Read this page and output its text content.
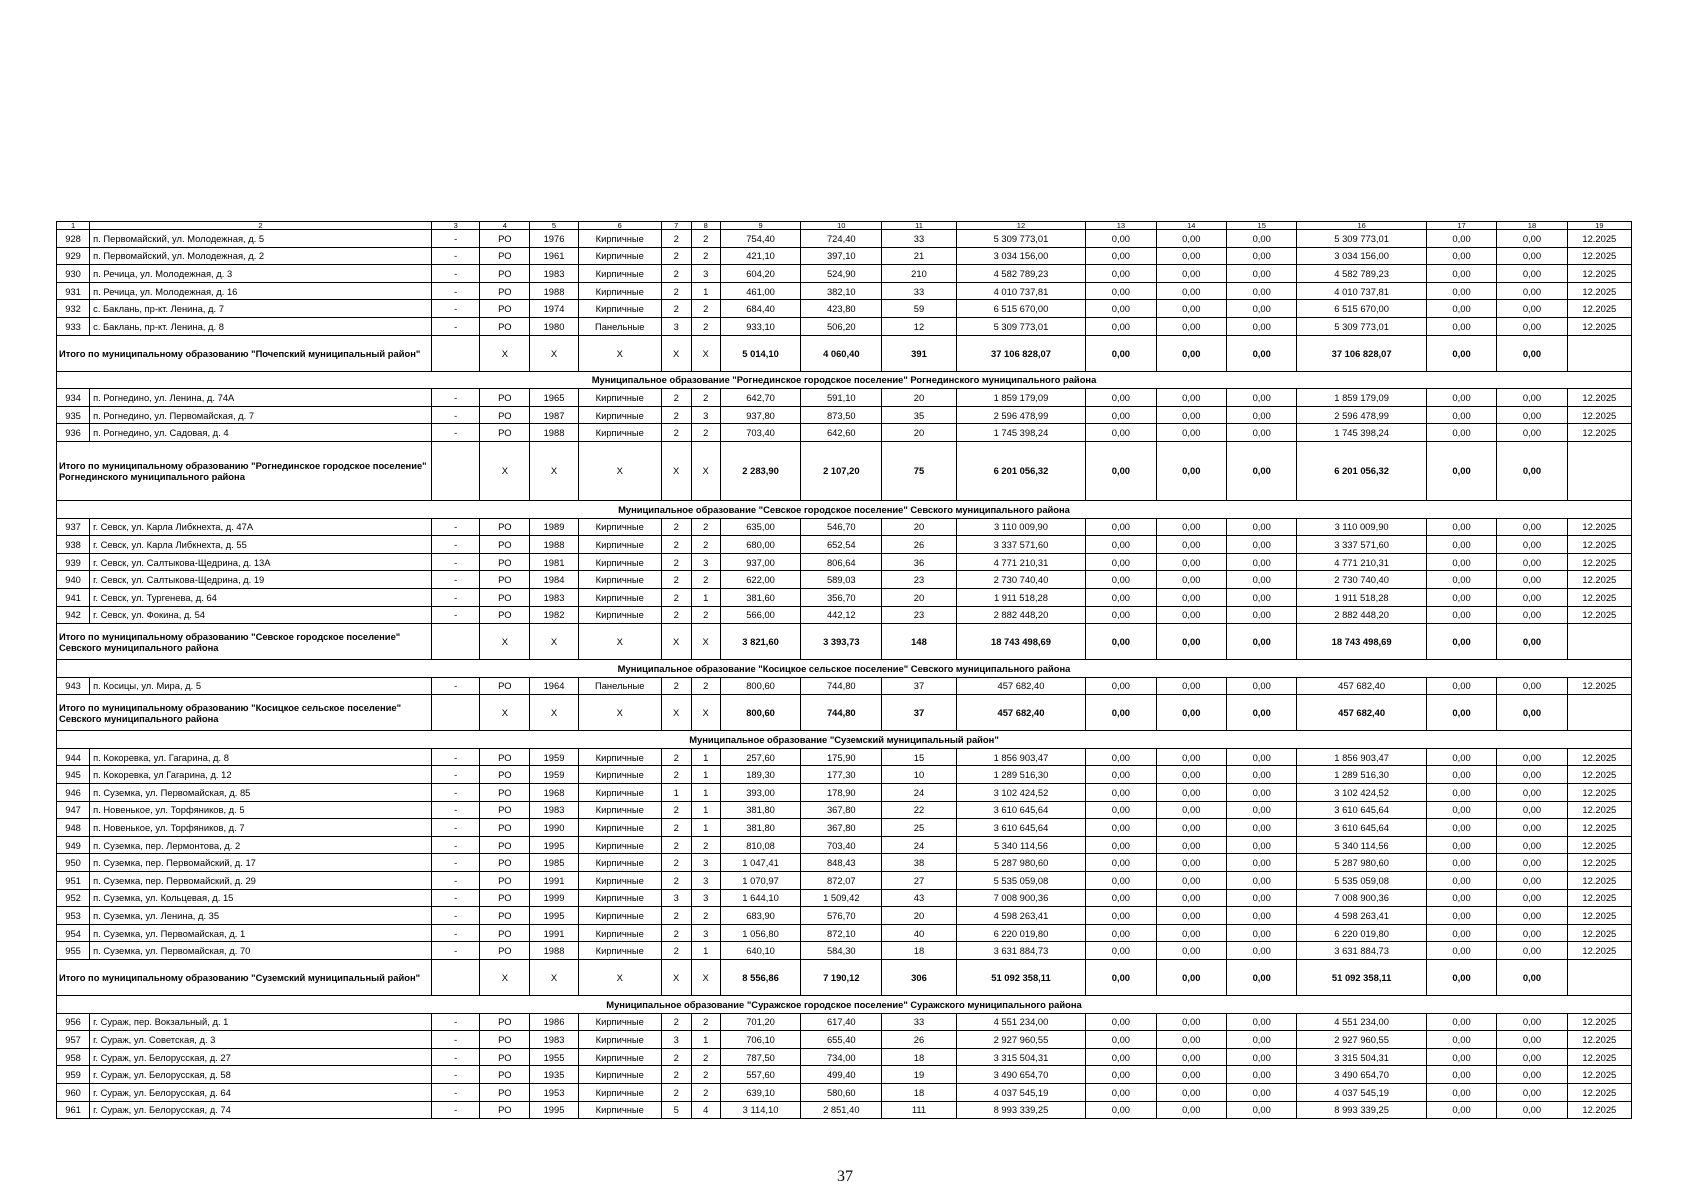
1	2	3	4	5	6	7	8	9	10	11	12	13	14	15	16	17	18	19
928	п. Первомайский, ул. Молодежная, д. 5	-	РО	1976	Кирпичные	2	2	754,40	724,40	33	5 309 773,01	0,00	0,00	0,00	5 309 773,01	0,00	0,00	12.2025
929	п. Первомайский, ул. Молодежная, д. 2	-	РО	1961	Кирпичные	2	2	421,10	397,10	21	3 034 156,00	0,00	0,00	0,00	3 034 156,00	0,00	0,00	12.2025
930	п. Речица, ул. Молодежная, д. 3	-	РО	1983	Кирпичные	2	3	604,20	524,90	210	4 582 789,23	0,00	0,00	0,00	4 582 789,23	0,00	0,00	12.2025
931	п. Речица, ул. Молодежная, д. 16	-	РО	1988	Кирпичные	2	1	461,00	382,10	33	4 010 737,81	0,00	0,00	0,00	4 010 737,81	0,00	0,00	12.2025
932	с. Баклань, пр-кт. Ленина, д. 7	-	РО	1974	Кирпичные	2	2	684,40	423,80	59	6 515 670,00	0,00	0,00	0,00	6 515 670,00	0,00	0,00	12.2025
933	с. Баклань, пр-кт. Ленина, д. 8	-	РО	1980	Панельные	3	2	933,10	506,20	12	5 309 773,01	0,00	0,00	0,00	5 309 773,01	0,00	0,00	12.2025
Итого по муниципальному образованию "Почепский муниципальный район"			X	X	X	X	X	5 014,10	4 060,40	391	37 106 828,07	0,00	0,00	0,00	37 106 828,07	0,00	0,00	
Муниципальное образование "Рогнединское городское поселение" Рогнединского муниципального района																		
934	п. Рогнедино, ул. Ленина, д. 74А	-	РО	1965	Кирпичные	2	2	642,70	591,10	20	1 859 179,09	0,00	0,00	0,00	1 859 179,09	0,00	0,00	12.2025
935	п. Рогнедино, ул. Первомайская, д. 7	-	РО	1987	Кирпичные	2	3	937,80	873,50	35	2 596 478,99	0,00	0,00	0,00	2 596 478,99	0,00	0,00	12.2025
936	п. Рогнедино, ул. Садовая, д. 4	-	РО	1988	Кирпичные	2	2	703,40	642,60	20	1 745 398,24	0,00	0,00	0,00	1 745 398,24	0,00	0,00	12.2025
Итого по муниципальному образованию "Рогнединское городское поселение" Рогнединского муниципального района			X	X	X	X	X	2 283,90	2 107,20	75	6 201 056,32	0,00	0,00	0,00	6 201 056,32	0,00	0,00	
Муниципальное образование "Севское городское поселение" Севского муниципального района																		
937	г. Севск, ул. Карла Либкнехта, д. 47А	-	РО	1989	Кирпичные	2	2	635,00	546,70	20	3 110 009,90	0,00	0,00	0,00	3 110 009,90	0,00	0,00	12.2025
938	г. Севск, ул. Карла Либкнехта, д. 55	-	РО	1988	Кирпичные	2	2	680,00	652,54	26	3 337 571,60	0,00	0,00	0,00	3 337 571,60	0,00	0,00	12.2025
939	г. Севск, ул. Салтыкова-Щедрина, д. 13А	-	РО	1981	Кирпичные	2	3	937,00	806,64	36	4 771 210,31	0,00	0,00	0,00	4 771 210,31	0,00	0,00	12.2025
940	г. Севск, ул. Салтыкова-Щедрина, д. 19	-	РО	1984	Кирпичные	2	2	622,00	589,03	23	2 730 740,40	0,00	0,00	0,00	2 730 740,40	0,00	0,00	12.2025
941	г. Севск, ул. Тургенева, д. 64	-	РО	1983	Кирпичные	2	1	381,60	356,70	20	1 911 518,28	0,00	0,00	0,00	1 911 518,28	0,00	0,00	12.2025
942	г. Севск, ул. Фокина, д. 54	-	РО	1982	Кирпичные	2	2	566,00	442,12	23	2 882 448,20	0,00	0,00	0,00	2 882 448,20	0,00	0,00	12.2025
Итого по муниципальному образованию "Севское городское поселение" Севского муниципального района			X	X	X	X	X	3 821,60	3 393,73	148	18 743 498,69	0,00	0,00	0,00	18 743 498,69	0,00	0,00	
Муниципальное образование "Косицкое сельское поселение" Севского муниципального района																		
943	п. Косицы, ул. Мира, д. 5	-	РО	1964	Панельные	2	2	800,60	744,80	37	457 682,40	0,00	0,00	0,00	457 682,40	0,00	0,00	12.2025
Итого по муниципальному образованию "Косицкое сельское поселение" Севского муниципального района			X	X	X	X	X	800,60	744,80	37	457 682,40	0,00	0,00	0,00	457 682,40	0,00	0,00	
Муниципальное образование "Суземский муниципальный район"																		
944	п. Кокоревка, ул. Гагарина, д. 8	-	РО	1959	Кирпичные	2	1	257,60	175,90	15	1 856 903,47	0,00	0,00	0,00	1 856 903,47	0,00	0,00	12.2025
945	п. Кокоревка, ул Гагарина, д. 12	-	РО	1959	Кирпичные	2	1	189,30	177,30	10	1 289 516,30	0,00	0,00	0,00	1 289 516,30	0,00	0,00	12.2025
946	п. Суземка, ул. Первомайская, д. 85	-	РО	1968	Кирпичные	1	1	393,00	178,90	24	3 102 424,52	0,00	0,00	0,00	3 102 424,52	0,00	0,00	12.2025
947	п. Новенькое, ул. Торфяников, д. 5	-	РО	1983	Кирпичные	2	1	381,80	367,80	22	3 610 645,64	0,00	0,00	0,00	3 610 645,64	0,00	0,00	12.2025
948	п. Новенькое, ул. Торфяников, д. 7	-	РО	1990	Кирпичные	2	1	381,80	367,80	25	3 610 645,64	0,00	0,00	0,00	3 610 645,64	0,00	0,00	12.2025
949	п. Суземка, пер. Лермонтова, д. 2	-	РО	1995	Кирпичные	2	2	810,08	703,40	24	5 340 114,56	0,00	0,00	0,00	5 340 114,56	0,00	0,00	12.2025
950	п. Суземка, пер. Первомайский, д. 17	-	РО	1985	Кирпичные	2	3	1 047,41	848,43	38	5 287 980,60	0,00	0,00	0,00	5 287 980,60	0,00	0,00	12.2025
951	п. Суземка, пер. Первомайский, д. 29	-	РО	1991	Кирпичные	2	3	1 070,97	872,07	27	5 535 059,08	0,00	0,00	0,00	5 535 059,08	0,00	0,00	12.2025
952	п. Суземка, ул. Кольцевая, д. 15	-	РО	1999	Кирпичные	3	3	1 644,10	1 509,42	43	7 008 900,36	0,00	0,00	0,00	7 008 900,36	0,00	0,00	12.2025
953	п. Суземка, ул. Ленина, д. 35	-	РО	1995	Кирпичные	2	2	683,90	576,70	20	4 598 263,41	0,00	0,00	0,00	4 598 263,41	0,00	0,00	12.2025
954	п. Суземка, ул. Первомайская, д. 1	-	РО	1991	Кирпичные	2	3	1 056,80	872,10	40	6 220 019,80	0,00	0,00	0,00	6 220 019,80	0,00	0,00	12.2025
955	п. Суземка, ул. Первомайская, д. 70	-	РО	1988	Кирпичные	2	1	640,10	584,30	18	3 631 884,73	0,00	0,00	0,00	3 631 884,73	0,00	0,00	12.2025
Итого по муниципальному образованию "Суземский муниципальный район"			X	X	X	X	X	8 556,86	7 190,12	306	51 092 358,11	0,00	0,00	0,00	51 092 358,11	0,00	0,00	
Муниципальное образование "Суражское городское поселение" Суражского муниципального района																		
956	г. Сураж, пер. Вокзальный, д. 1	-	РО	1986	Кирпичные	2	2	701,20	617,40	33	4 551 234,00	0,00	0,00	0,00	4 551 234,00	0,00	0,00	12.2025
957	г. Сураж, ул. Советская, д. 3	-	РО	1983	Кирпичные	3	1	706,10	655,40	26	2 927 960,55	0,00	0,00	0,00	2 927 960,55	0,00	0,00	12.2025
958	г. Сураж, ул. Белорусская, д. 27	-	РО	1955	Кирпичные	2	2	787,50	734,00	18	3 315 504,31	0,00	0,00	0,00	3 315 504,31	0,00	0,00	12.2025
959	г. Сураж, ул. Белорусская, д. 58	-	РО	1935	Кирпичные	2	2	557,60	499,40	19	3 490 654,70	0,00	0,00	0,00	3 490 654,70	0,00	0,00	12.2025
960	г. Сураж, ул. Белорусская, д. 64	-	РО	1953	Кирпичные	2	2	639,10	580,60	18	4 037 545,19	0,00	0,00	0,00	4 037 545,19	0,00	0,00	12.2025
961	г. Сураж, ул. Белорусская, д. 74	-	РО	1995	Кирпичные	5	4	3 114,10	2 851,40	111	8 993 339,25	0,00	0,00	0,00	8 993 339,25	0,00	0,00	12.2025
37
